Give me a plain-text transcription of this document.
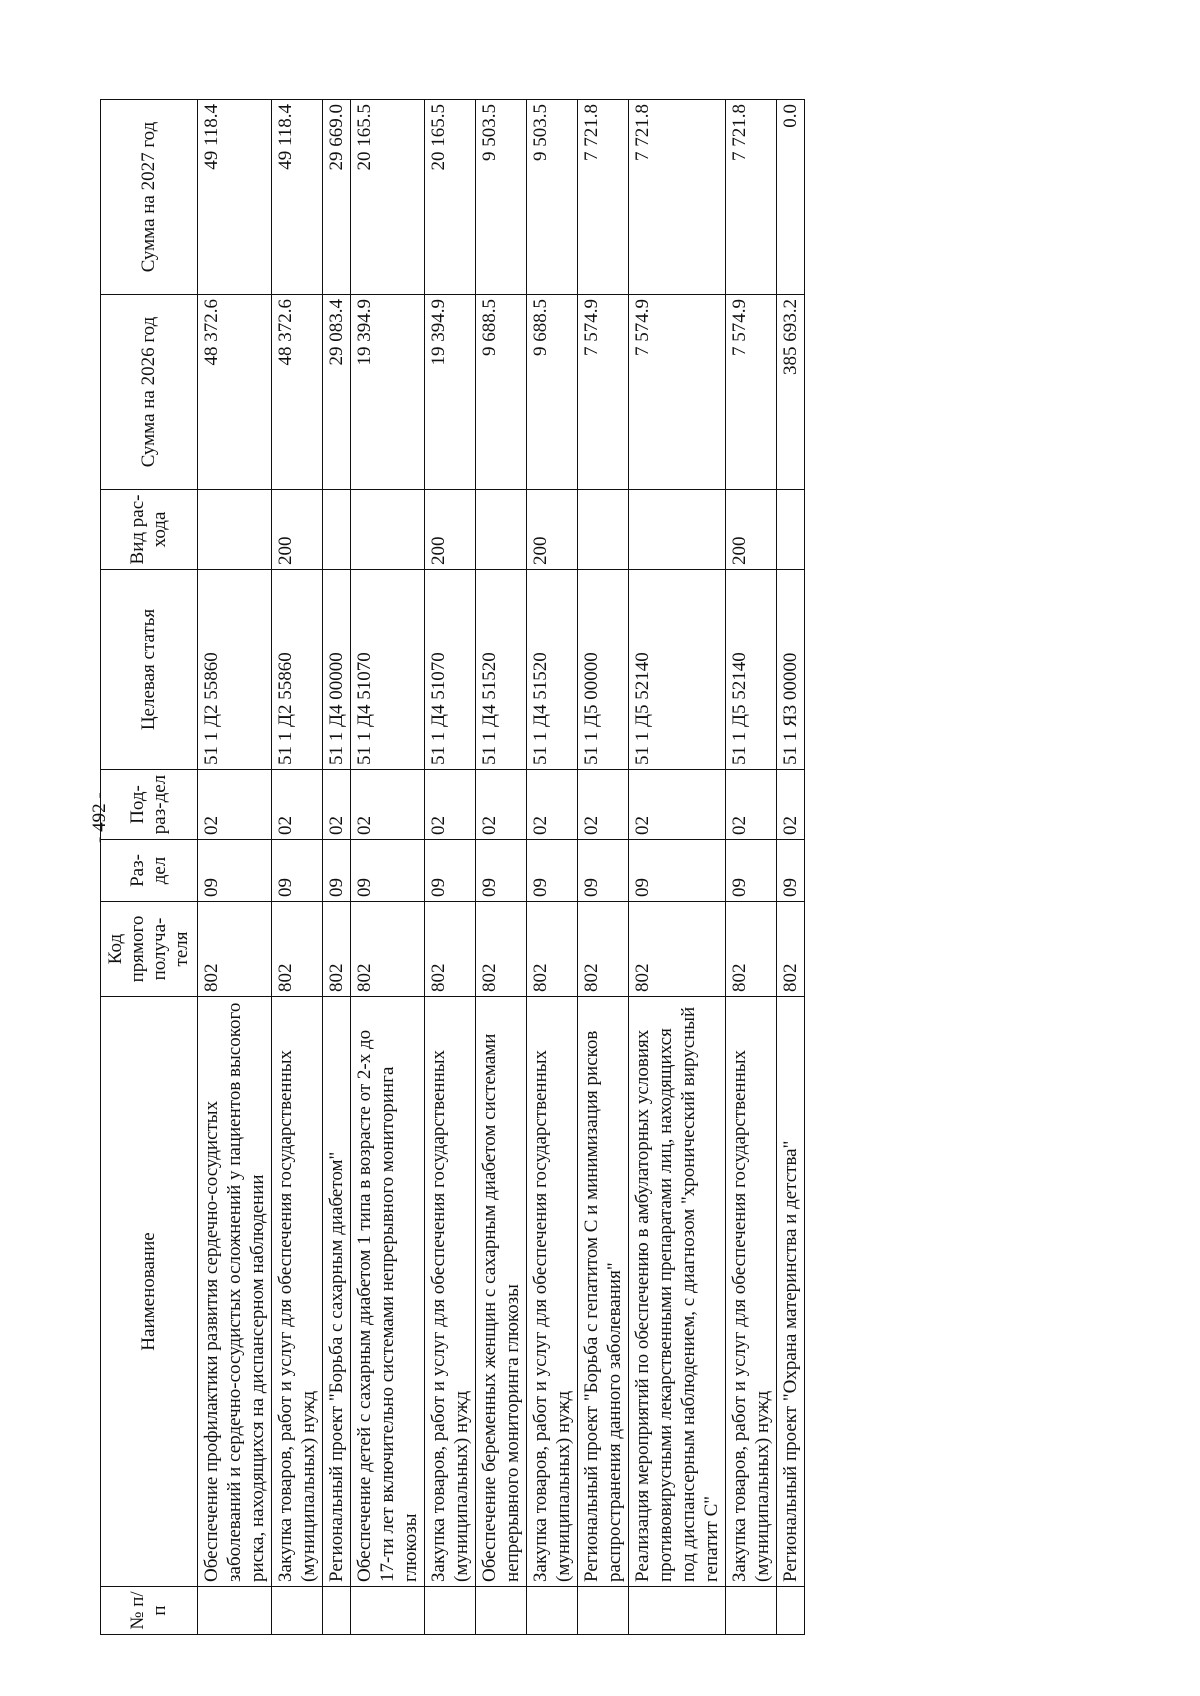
- 492 -
№ п/п	Наименование	Код прямого получа-теля	Раз-дел	Под-раз-дел	Целевая статья	Вид рас-хода	Сумма на 2026 год	Сумма на 2027 год
	Обеспечение профилактики развития сердечно-сосудистых заболеваний и сердечно-сосудистых осложнений у пациентов высокого риска, находящихся на диспансерном наблюдении	802	09	02	51 1 Д2 55860		48 372.6	49 118.4
	Закупка товаров, работ и услуг для обеспечения государственных (муниципальных) нужд	802	09	02	51 1 Д2 55860	200	48 372.6	49 118.4
	Региональный проект "Борьба с сахарным диабетом"	802	09	02	51 1 Д4 00000		29 083.4	29 669.0
	Обеспечение детей с сахарным диабетом 1 типа в возрасте от 2-х до 17-ти лет включительно системами непрерывного мониторинга глюкозы	802	09	02	51 1 Д4 51070		19 394.9	20 165.5
	Закупка товаров, работ и услуг для обеспечения государственных (муниципальных) нужд	802	09	02	51 1 Д4 51070	200	19 394.9	20 165.5
	Обеспечение беременных женщин с сахарным диабетом системами непрерывного мониторинга глюкозы	802	09	02	51 1 Д4 51520		9 688.5	9 503.5
	Закупка товаров, работ и услуг для обеспечения государственных (муниципальных) нужд	802	09	02	51 1 Д4 51520	200	9 688.5	9 503.5
	Региональный проект "Борьба с гепатитом С и минимизация рисков распространения данного заболевания"	802	09	02	51 1 Д5 00000		7 574.9	7 721.8
	Реализация мероприятий по обеспечению в амбулаторных условиях противовирусными лекарственными препаратами лиц, находящихся под диспансерным наблюдением, с диагнозом "хронический вирусный гепатит С"	802	09	02	51 1 Д5 52140		7 574.9	7 721.8
	Закупка товаров, работ и услуг для обеспечения государственных (муниципальных) нужд	802	09	02	51 1 Д5 52140	200	7 574.9	7 721.8
	Региональный проект "Охрана материнства и детства"	802	09	02	51 1 Я3 00000		385 693.2	0.0
